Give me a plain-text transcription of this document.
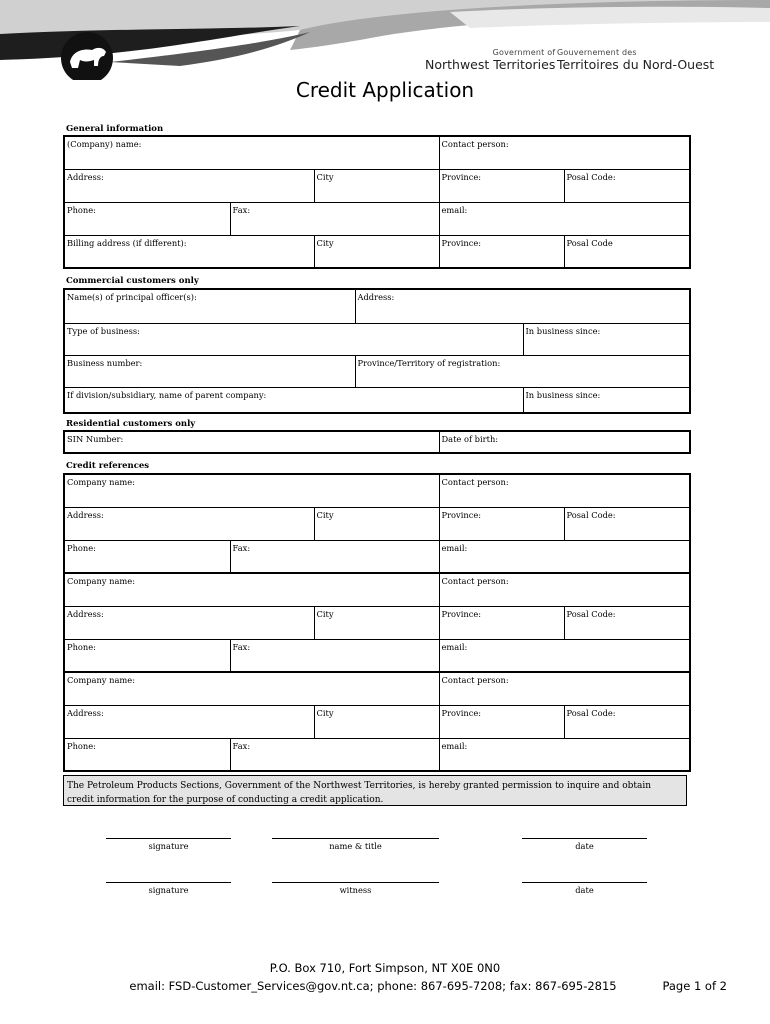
Government of
Northwest Territories
Gouvernement des
Territoires du Nord-Ouest
Credit Application
General information
(Company) name:			Contact person:	
Address:		City	Province:	Posal Code:
Phone:	Fax:		email:	
Billing address (if different):		City	Province:	Posal Code
Commercial customers only
Name(s) of principal officer(s):	Address:	
Type of business:		In business since:
Business number:	Province/Territory of registration:	
If division/subsidiary, name of parent company:		In business since:
Residential customers only
SIN Number:	Date of birth:
Credit references
Company name:			Contact person:	
Address:		City	Province:	Posal Code:
Phone:	Fax:		email:	
Company name:			Contact person:	
Address:		City	Province:	Posal Code:
Phone:	Fax:		email:	
Company name:			Contact person:	
Address:		City	Province:	Posal Code:
Phone:	Fax:		email:	
The Petroleum Products Sections, Government of the Northwest Territories, is hereby granted permission to inquire and obtain
credit information for the purpose of conducting a credit application.
signature	name & title	date
signature	witness	date
P.O. Box 710, Fort Simpson, NT X0E 0N0
email: FSD-Customer_Services@gov.nt.ca; phone: 867-695-7208; fax: 867-695-2815	Page 1 of 2
